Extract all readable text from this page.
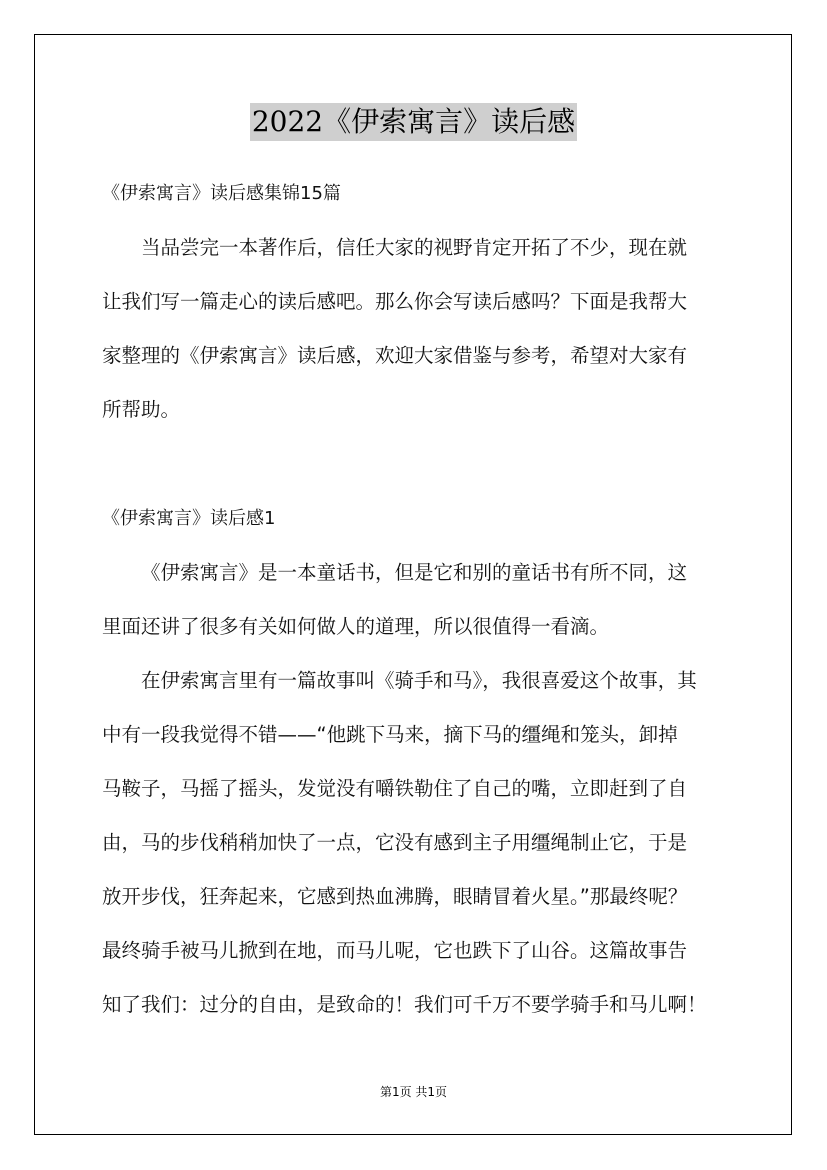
2022《伊索寓言》读后感
《伊索寓言》读后感集锦15篇
当品尝完一本著作后，信任大家的视野肯定开拓了不少，现在就
让我们写一篇走心的读后感吧。那么你会写读后感吗？下面是我帮大
家整理的《伊索寓言》读后感，欢迎大家借鉴与参考，希望对大家有
所帮助。
《伊索寓言》读后感1
《伊索寓言》是一本童话书，但是它和别的童话书有所不同，这
里面还讲了很多有关如何做人的道理，所以很值得一看滴。
在伊索寓言里有一篇故事叫《骑手和马》，我很喜爱这个故事，其
中有一段我觉得不错——“他跳下马来，摘下马的缰绳和笼头，卸掉
马鞍子，马摇了摇头，发觉没有嚼铁勒住了自己的嘴，立即赶到了自
由，马的步伐稍稍加快了一点，它没有感到主子用缰绳制止它，于是
放开步伐，狂奔起来，它感到热血沸腾，眼睛冒着火星。”那最终呢？
最终骑手被马儿掀到在地，而马儿呢，它也跌下了山谷。这篇故事告
知了我们：过分的自由，是致命的！我们可千万不要学骑手和马儿啊！
第1页 共1页
